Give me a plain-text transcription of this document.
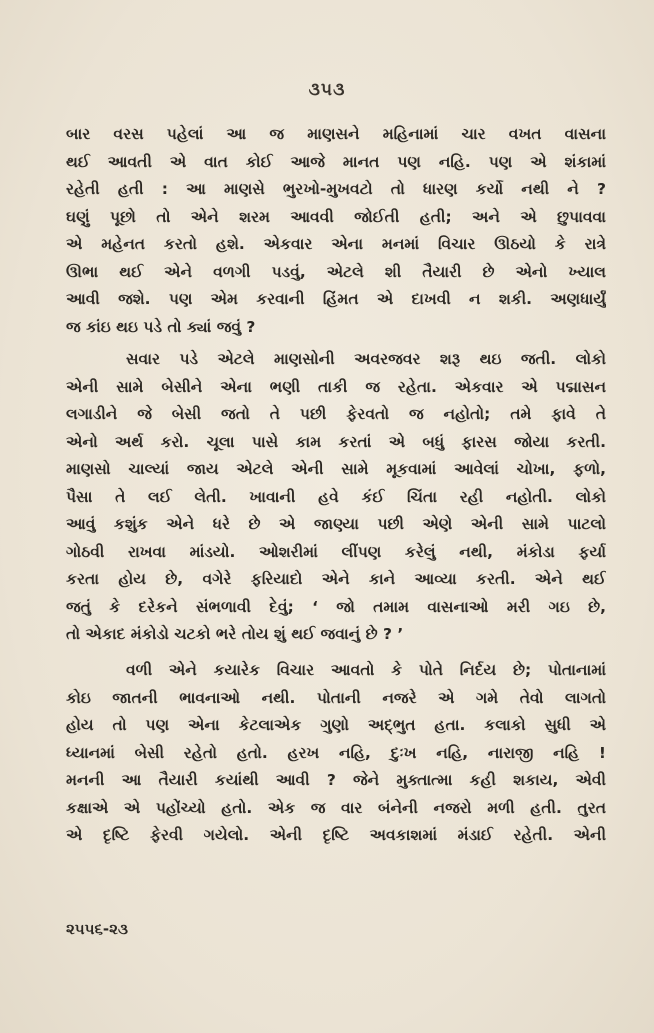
૩૫૩
બાર વરસ પહેલાં આ જ માણસને મહિનામાં ચાર વખત વાસના
થઈ આવતી એ વાત કોઈ આજે માનત પણ નહિ. પણ એ શંકામાં
રહેતી હતી : આ માણસે ભુરખો-મુખવટો તો ધારણ કર્યો નથી ને ?
ઘણું પૂછો તો એને શરમ આવવી જોઈતી હતી; અને એ છુપાવવા
એ મહેનત કરતો હશે. એકવાર એના મનમાં વિચાર ઊઠયો કે રાત્રે
ઊભા થઈ એને વળગી પડવું, એટલે શી તૈયારી છે એનો ખ્યાલ
આવી જશે. પણ એમ કરવાની હિંમત એ દાખવી ન શકી. અણધાર્યું
જ કાંઇ થઇ પડે તો ક્યાં જવું ?
સવાર પડે એટલે માણસોની અવરજવર શરૂ થઇ જતી. લોકો
એની સામે બેસીને એના ભણી તાકી જ રહેતા. એકવાર એ પદ્માસન
લગાડીને જે બેસી જતો તે પછી ફેરવતો જ નહોતો; તમે ફાવે તે
એનો અર્થ કરો. ચૂલા પાસે કામ કરતાં એ બધું ફારસ જોયા કરતી.
માણસો ચાલ્યાં જાય એટલે એની સામે મૂકવામાં આવેલાં ચોખા, ફળો,
પૈસા તે લઈ લેતી. ખાવાની હવે કંઈ ચિંતા રહી નહોતી. લોકો
આવું કશુંક એને ધરે છે એ જાણ્યા પછી એણે એની સામે પાટલો
ગોઠવી રાખવા માંડયો. ઓશરીમાં લીંપણ કરેલું નથી, મંકોડા ફર્યા
કરતા હોય છે, વગેરે ફરિયાદો એને કાને આવ્યા કરતી. એને થઈ
જતું કે દરેકને સંભળાવી દેવું; ‘ જો તમામ વાસનાઓ મરી ગઇ છે,
તો એકાદ મંકોડો ચટકો ભરે તોય શું થઈ જવાનું છે ? ’
વળી એને કયારેક વિચાર આવતો કે પોતે નિર્દય છે; પોતાનામાં
કોઇ જાતની ભાવનાઓ નથી. પોતાની નજરે એ ગમે તેવો લાગતો
હોય તો પણ એના કેટલાએક ગુણો અદ્ભુત હતા. કલાકો સુધી એ
ધ્યાનમાં બેસી રહેતો હતો. હરખ નહિ, દુઃખ નહિ, નારાજી નહિ !
મનની આ તૈયારી કયાંથી આવી ? જેને મુક્તાત્મા કહી શકાય, એવી
કક્ષાએ એ પહોંચ્યો હતો. એક જ વાર બંનેની નજરો મળી હતી. તુરત
એ દૃષ્ટિ ફેરવી ગયેલો. એની દૃષ્ટિ અવકાશમાં મંડાઈ રહેતી. એની
૨૫૫૬-૨૩
